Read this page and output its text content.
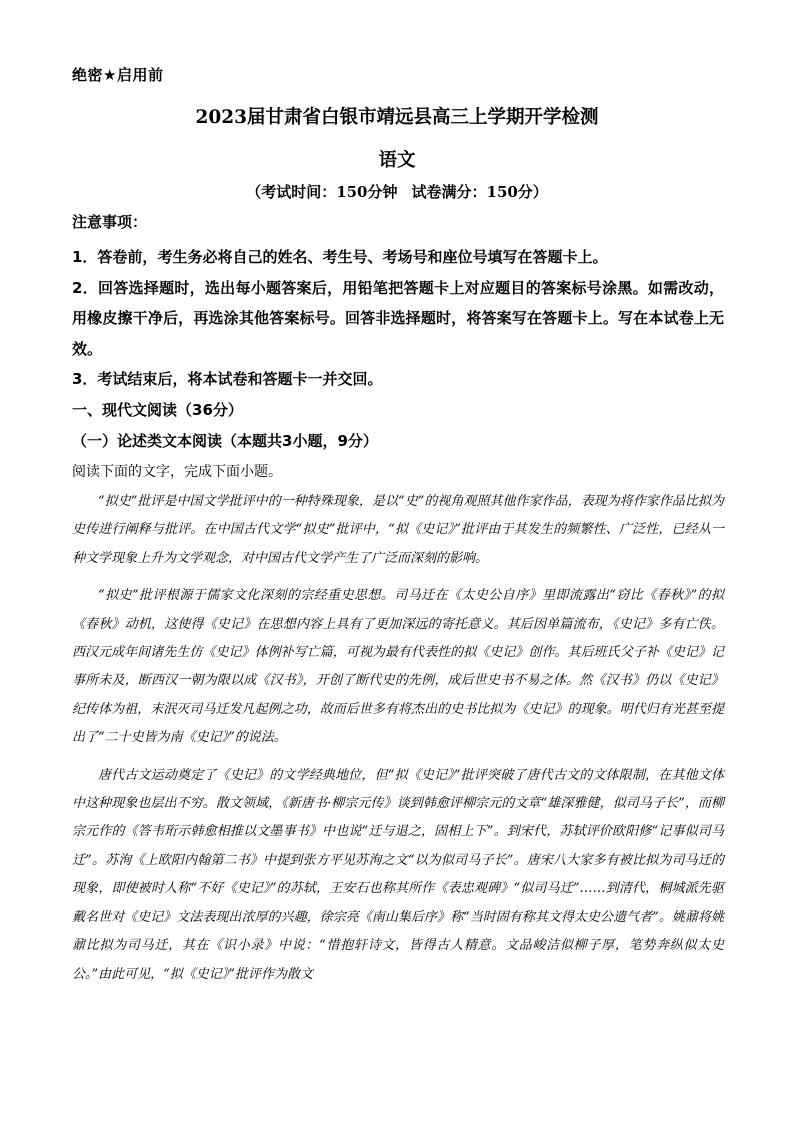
绝密★启用前
2023届甘肃省白银市靖远县高三上学期开学检测
语文
（考试时间：150分钟 试卷满分：150分）
注意事项：

1．答卷前，考生务必将自己的姓名、考生号、考场号和座位号填写在答题卡上。

2．回答选择题时，选出每小题答案后，用铅笔把答题卡上对应题目的答案标号涂黑。如需改动，用橡皮擦干净后，再选涂其他答案标号。回答非选择题时，将答案写在答题卡上。写在本试卷上无效。

3．考试结束后，将本试卷和答题卡一并交回。

一、现代文阅读（36分）
（一）论述类文本阅读（本题共3小题，9分）
阅读下面的文字，完成下面小题。

“拟史”批评是中国文学批评中的一种特殊现象，是以“史”的视角观照其他作家作品，表现为将作家作品比拟为史传进行阐释与批评。在中国古代文学“拟史”批评中，“拟《史记》”批评由于其发生的频繁性、广泛性，已经从一种文学现象上升为文学观念，对中国古代文学产生了广泛而深刻的影响。

“拟史”批评根源于儒家文化深刻的宗经重史思想。司马迁在《太史公自序》里即流露出“窃比《春秋》”的拟《春秋》动机，这使得《史记》在思想内容上具有了更加深远的寄托意义。其后因单篇流布，《史记》多有亡佚。西汉元成年间诸先生仿《史记》体例补写亡篇，可视为最有代表性的拟《史记》创作。其后班氏父子补《史记》记事所未及，断西汉一朝为限以成《汉书》，开创了断代史的先例，成后世史书不易之体。然《汉书》仍以《史记》纪传体为祖，末泯灭司马迁发凡起例之功，故而后世多有将杰出的史书比拟为《史记》的现象。明代归有光甚至提出了“二十史皆为南《史记》”的说法。

唐代古文运动奠定了《史记》的文学经典地位，但“拟《史记》”批评突破了唐代古文的文体限制，在其他文体中这种现象也层出不穷。散文领域，《新唐书·柳宗元传》谈到韩愈评柳宗元的文章“雄深雅健，似司马子长”，而柳宗元作的《答韦珩示韩愈相推以文墨事书》中也说“迁与退之，固相上下”。到宋代，苏轼评价欧阳修“记事似司马迁”。苏洵《上欧阳内翰第二书》中提到张方平见苏洵之文“以为似司马子长”。唐宋八大家多有被比拟为司马迁的现象，即使被时人称“不好《史记》”的苏轼，王安石也称其所作《表忠观碑》“似司马迁”……到清代，桐城派先驱戴名世对《史记》文法表现出浓厚的兴趣，徐宗亮《南山集后序》称“当时固有称其文得太史公遗气者”。姚鼐将姚鼐比拟为司马迁，其在《识小录》中说：“惜抱轩诗文，皆得古人精意。文品峻洁似柳子厚，笔势奔纵似太史公。”由此可见，“拟《史记》”批评作为散文
